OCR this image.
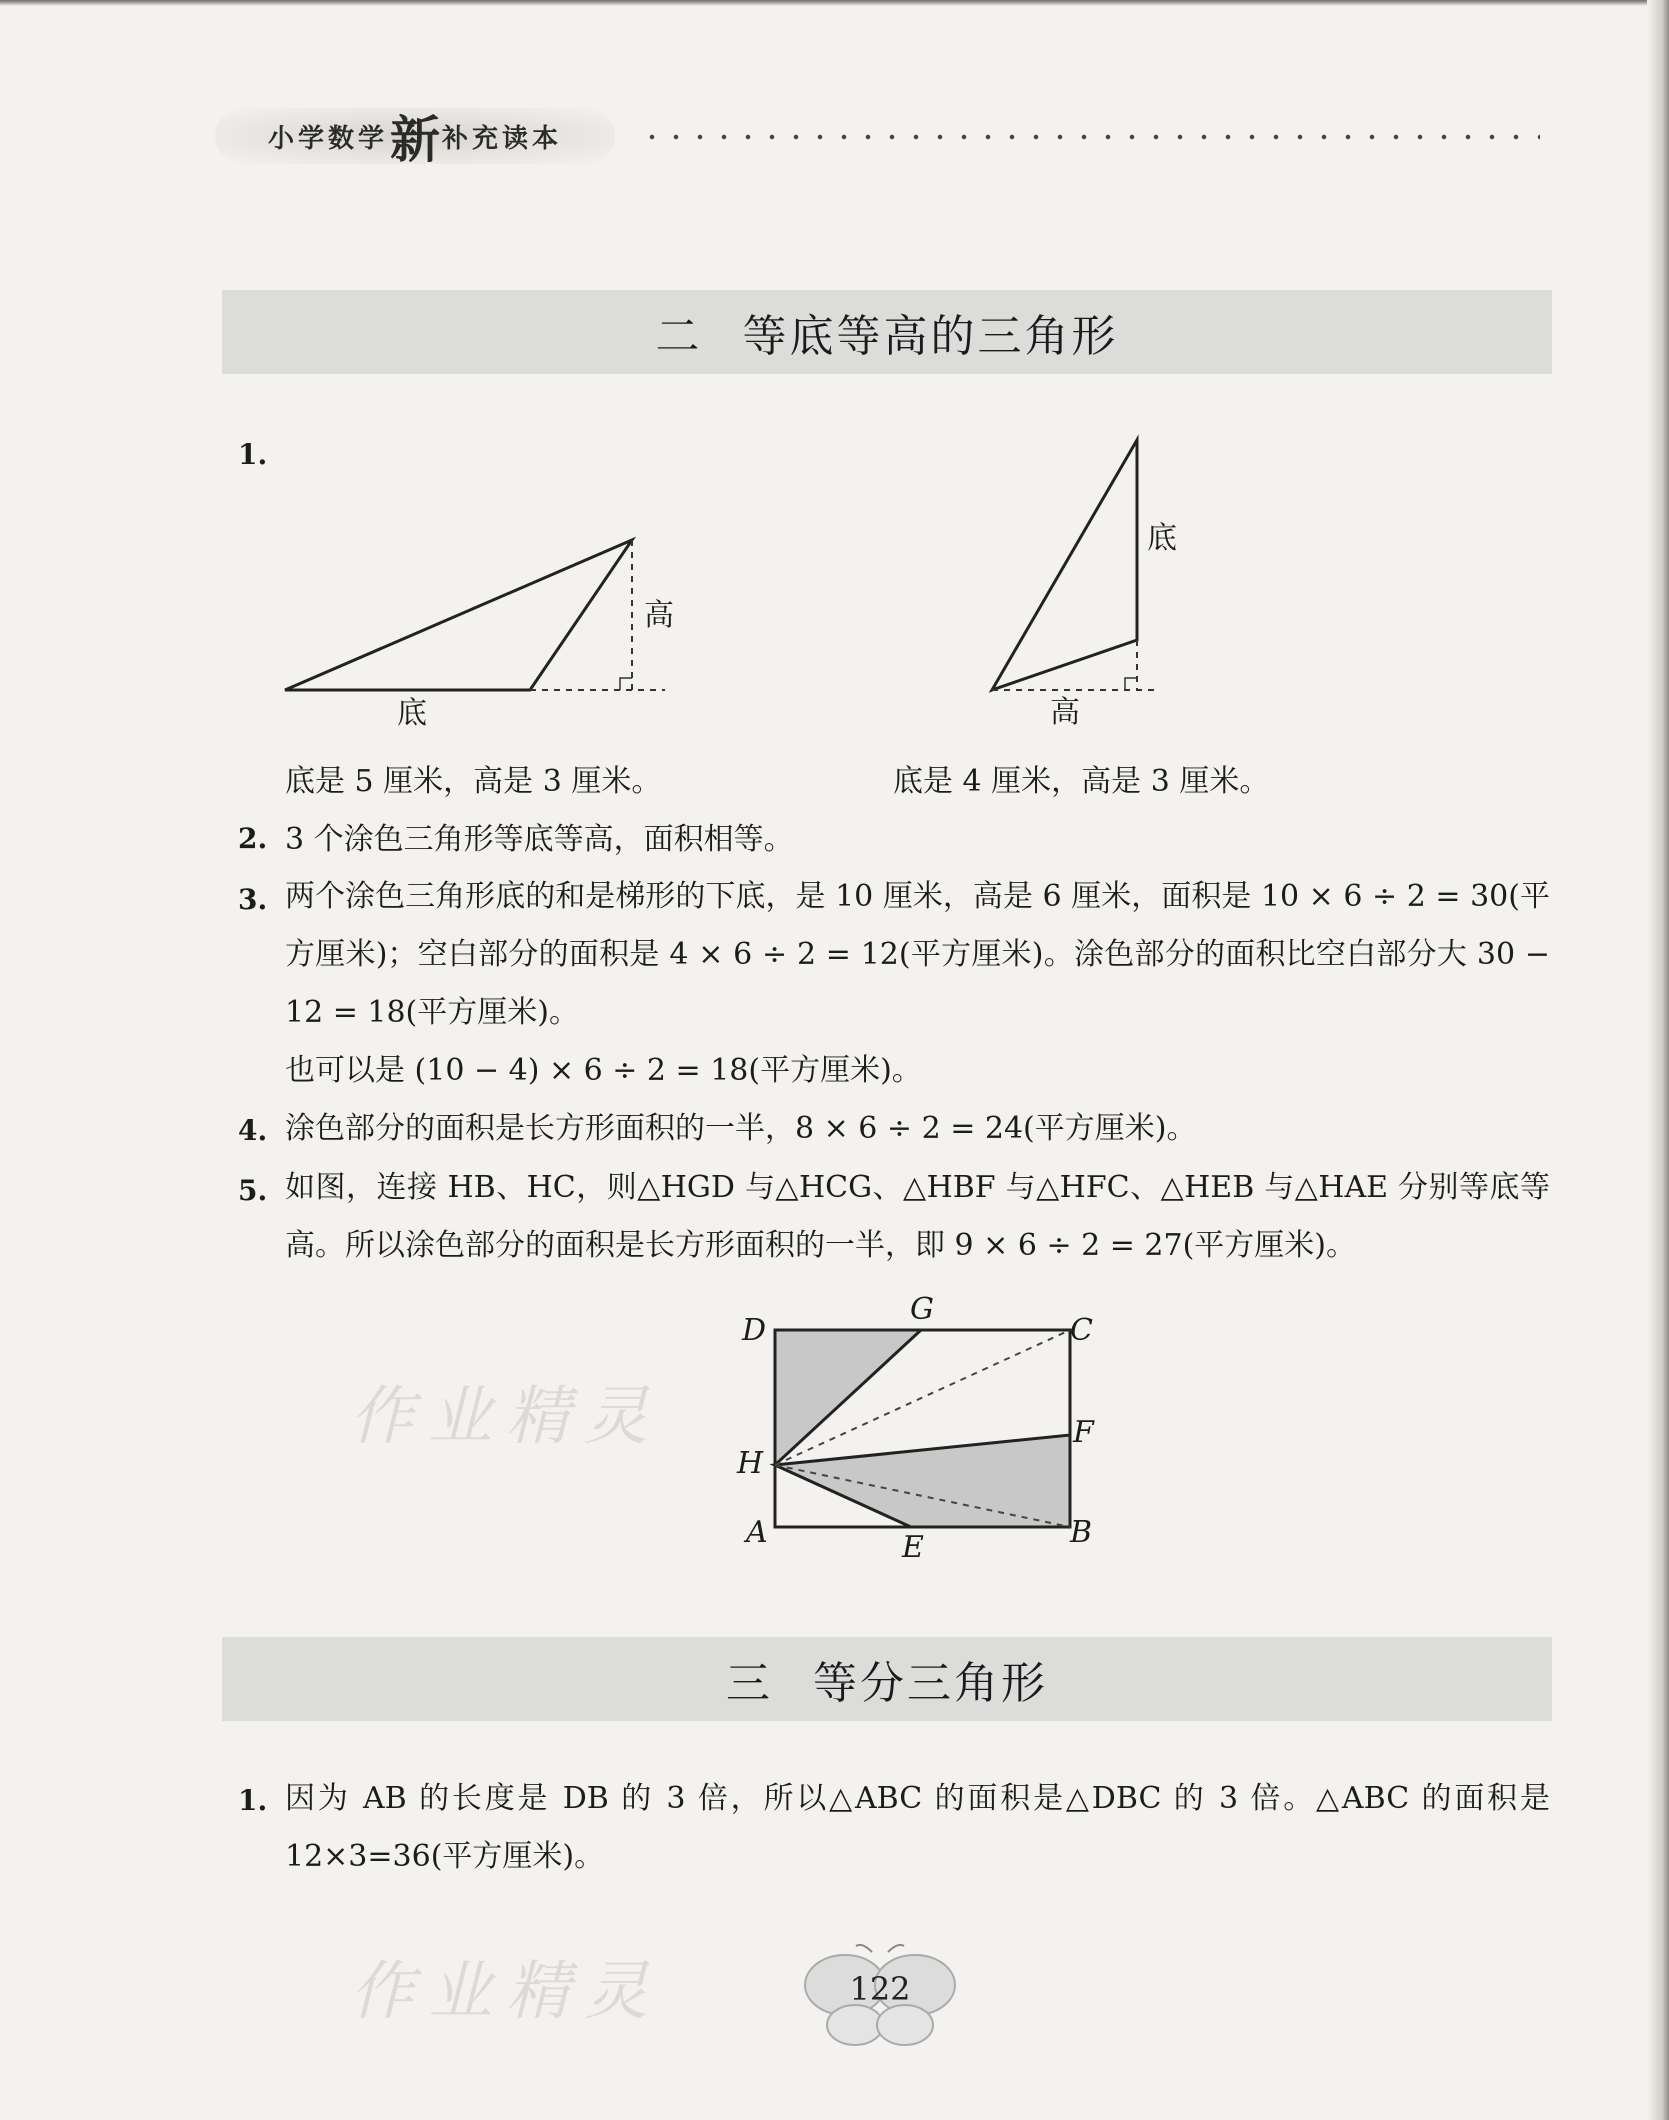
小学数学 新 补充读本
二 等底等高的三角形
1.
高
底
底
高
底是 5 厘米，高是 3 厘米。	底是 4 厘米，高是 3 厘米。
2. 3 个涂色三角形等底等高，面积相等。
3. 两个涂色三角形底的和是梯形的下底，是 10 厘米，高是 6 厘米，面积是 10 × 6 ÷ 2 = 30(平方厘米)；空白部分的面积是 4 × 6 ÷ 2 = 12(平方厘米)。涂色部分的面积比空白部分大 30 − 12 = 18(平方厘米)。
也可以是 (10 − 4) × 6 ÷ 2 = 18(平方厘米)。
4. 涂色部分的面积是长方形面积的一半，8 × 6 ÷ 2 = 24(平方厘米)。
5. 如图，连接 HB、HC，则△HGD 与△HCG、△HBF 与△HFC、△HEB 与△HAE 分别等底等高。所以涂色部分的面积是长方形面积的一半，即 9 × 6 ÷ 2 = 27(平方厘米)。
D
G
C
F
H
A	E	B
作业精灵
三 等分三角形
1. 因为 AB 的长度是 DB 的 3 倍，所以△ABC 的面积是△DBC 的 3 倍。△ABC 的面积是 12×3=36(平方厘米)。
作业精灵	122
